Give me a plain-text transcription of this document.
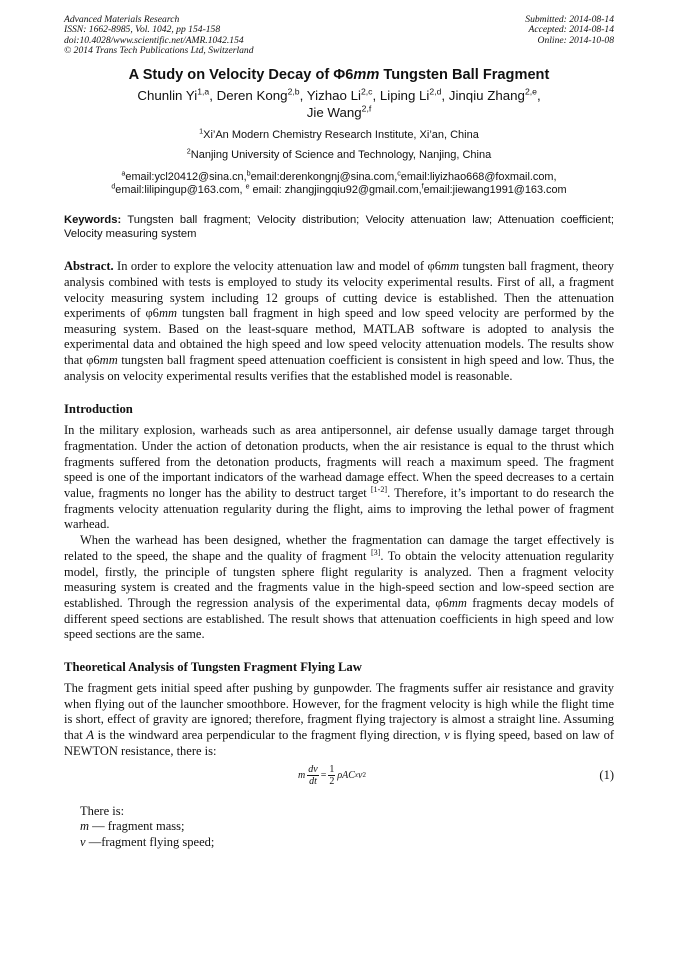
Advanced Materials Research
ISSN: 1662-8985, Vol. 1042, pp 154-158
doi:10.4028/www.scientific.net/AMR.1042.154
© 2014 Trans Tech Publications Ltd, Switzerland
Submitted: 2014-08-14
Accepted: 2014-08-14
Online: 2014-10-08
A Study on Velocity Decay of Φ6mm Tungsten Ball Fragment
Chunlin Yi$^{1,a}$, Deren Kong$^{2,b}$, Yizhao Li$^{2,c}$, Liping Li$^{2,d}$, Jinqiu Zhang$^{2,e}$,
Jie Wang$^{2,f}$
$^1$Xi’An Modern Chemistry Research Institute, Xi’an, China
$^2$Nanjing University of Science and Technology, Nanjing, China
$^a$email:ycl20412@sina.cn,$^b$email:derenkongnj@sina.com,$^c$email:liyizhao668@foxmail.com,
$^d$email:lilipingup@163.com, $^e$ email: zhangjingqiu92@gmail.com,$^f$email:jiewang1991@163.com
Keywords: Tungsten ball fragment; Velocity distribution; Velocity attenuation law; Attenuation coefficient; Velocity measuring system
Abstract. In order to explore the velocity attenuation law and model of φ6mm tungsten ball fragment, theory analysis combined with tests is employed to study its velocity experimental results. First of all, a fragment velocity measuring system including 12 groups of cutting device is established. Then the attenuation experiments of φ6mm tungsten ball fragment in high speed and low speed velocity are performed by the measuring system. Based on the least-square method, MATLAB software is adopted to analysis the experimental data and obtained the high speed and low speed velocity attenuation models. The results show that φ6mm tungsten ball fragment speed attenuation coefficient is consistent in high speed and low. Thus, the analysis on velocity experimental results verifies that the established model is reasonable.
Introduction
In the military explosion, warheads such as area antipersonnel, air defense usually damage target through fragmentation. Under the action of detonation products, when the air resistance is equal to the thrust which fragments suffered from the detonation products, fragments will reach a maximum speed. The fragment speed is one of the important indicators of the warhead damage effect. When the speed decreases to a certain value, fragments no longer has the ability to destruct target [1-2]. Therefore, it’s important to do research the fragments velocity attenuation regularity during the flight, aims to improving the lethal power of fragment warhead.
When the warhead has been designed, whether the fragmentation can damage the target effectively is related to the speed, the shape and the quality of fragment [3]. To obtain the velocity attenuation regularity model, firstly, the principle of tungsten sphere flight regularity is analyzed. Then a fragment velocity measuring system is created and the fragments value in the high-speed section and low-speed section are established. Through the regression analysis of the experimental data, φ6mm fragments decay models of different speed sections are established. The result shows that attenuation coefficients in high speed and low speed sections are the same.
Theoretical Analysis of Tungsten Fragment Flying Law
The fragment gets initial speed after pushing by gunpowder. The fragments suffer air resistance and gravity when flying out of the launcher smoothbore. However, for the fragment velocity is high while the flight time is short, effect of gravity are ignored; therefore, fragment flying trajectory is almost a straight line. Assuming that A is the windward area perpendicular to the fragment flying direction, v is flying speed, based on law of NEWTON resistance, there is:
m $\frac{dv}{dt} = \frac{1}{2}$ ρAC x v 2	(1)
There is:
m — fragment mass;
v —fragment flying speed;
